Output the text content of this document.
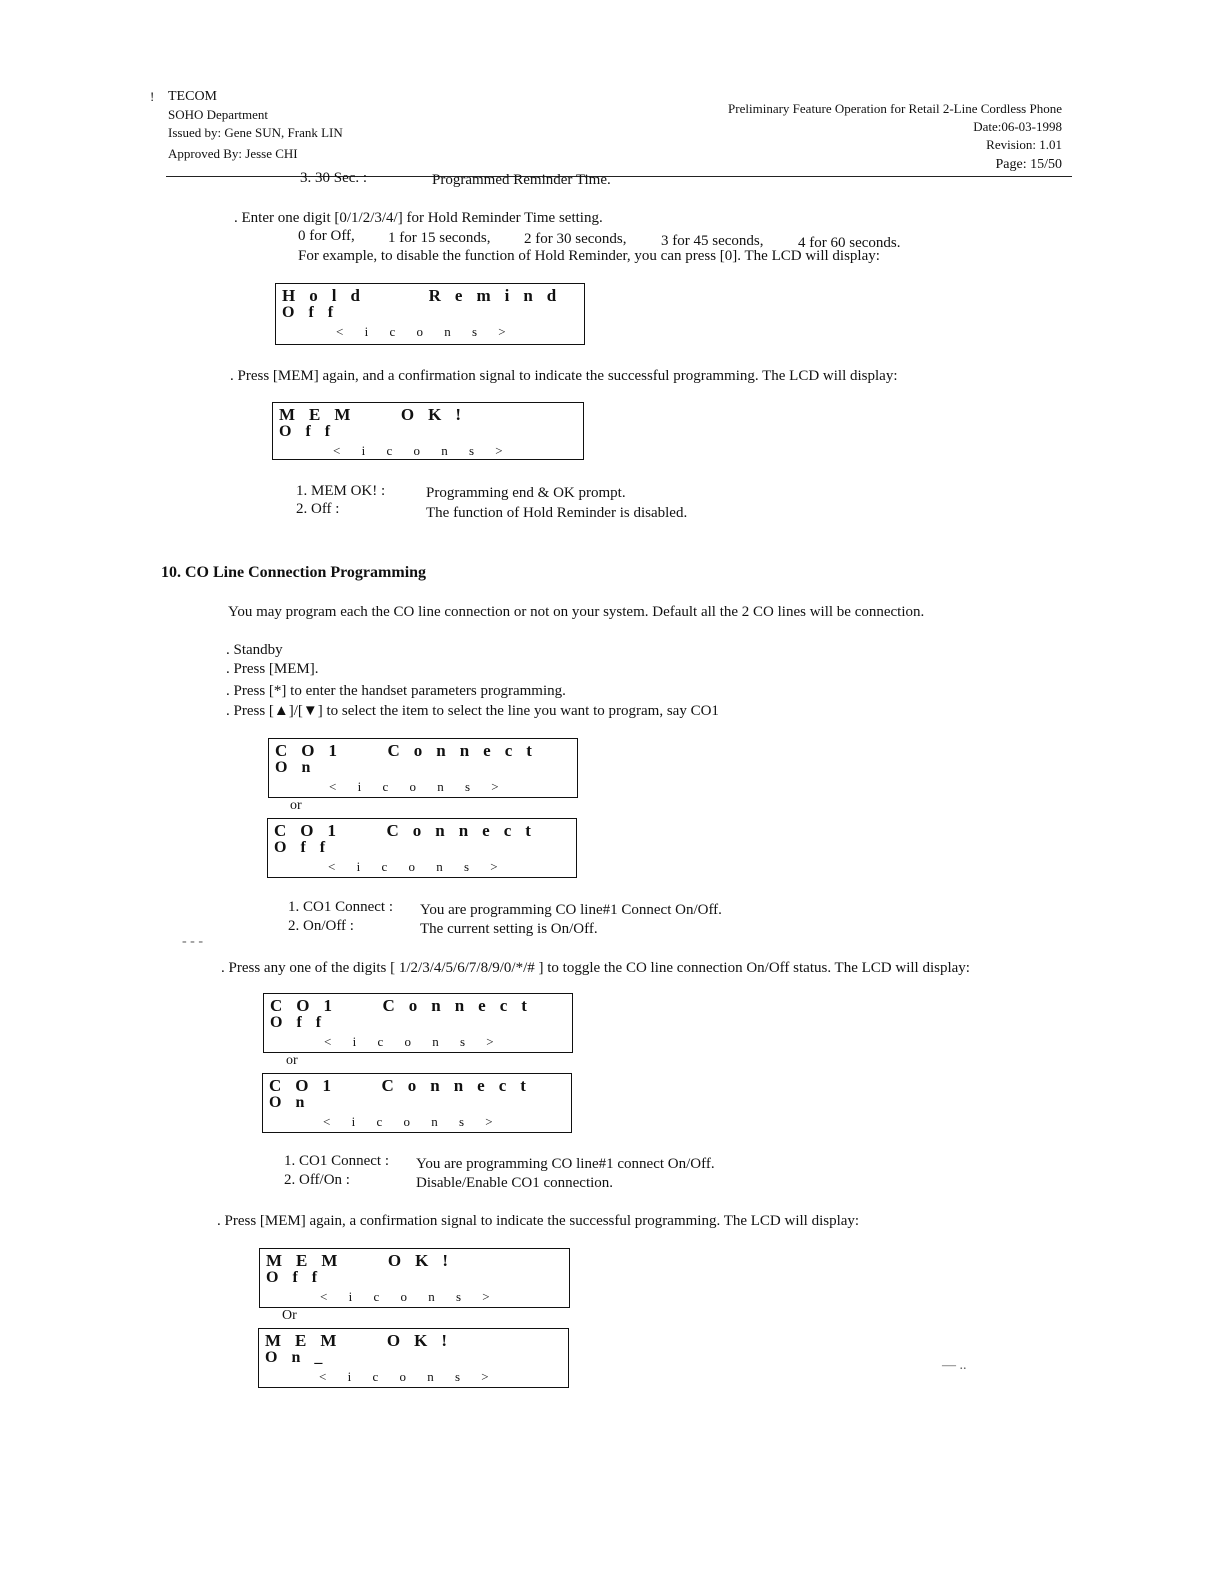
! TECOM
SOHO Department
Issued by: Gene SUN, Frank LIN
Approved By: Jesse CHI
Preliminary Feature Operation for Retail 2-Line Cordless Phone
Date:06-03-1998
Revision: 1.01
Page: 15/50
3. 30 Sec. :	Programmed Reminder Time.
. Enter one digit [0/1/2/3/4/] for Hold Reminder Time setting.
0 for Off, 1 for 15 seconds, 2 for 30 seconds, 3 for 45 seconds, 4 for 60 seconds.
For example, to disable the function of Hold Reminder, you can press [0]. The LCD will display:
Hold   Remind
Off
< i c o n s >
. Press [MEM] again, and a confirmation signal to indicate the successful programming. The LCD will display:
MEM  OK!
Off
< i c o n s >
1. MEM OK! :	Programming end & OK prompt.
2. Off :	The function of Hold Reminder is disabled.
10. CO Line Connection Programming
You may program each the CO line connection or not on your system. Default all the 2 CO lines will be connection.
. Standby
. Press [MEM].
. Press [*] to enter the handset parameters programming.
. Press [▲]/[▼] to select the item to select the line you want to program, say CO1
CO1  Connect
On
< i c o n s >
or
CO1  Connect
Off
< i c o n s >
1. CO1 Connect : You are programming CO line#1 Connect On/Off.
2. On/Off :	The current setting is On/Off.
- - -
. Press any one of the digits [ 1/2/3/4/5/6/7/8/9/0/*/# ] to toggle the CO line connection On/Off status. The LCD will display:
CO1  Connect
Off
< i c o n s >
or
CO1  Connect
On
< i c o n s >
1. CO1 Connect : You are programming CO line#1 connect On/Off.
2. Off/On :	Disable/Enable CO1 connection.
. Press [MEM] again, a confirmation signal to indicate the successful programming. The LCD will display:
MEM  OK!
Off
< i c o n s >
Or
MEM  OK!
On_
< i c o n s >
— ..
